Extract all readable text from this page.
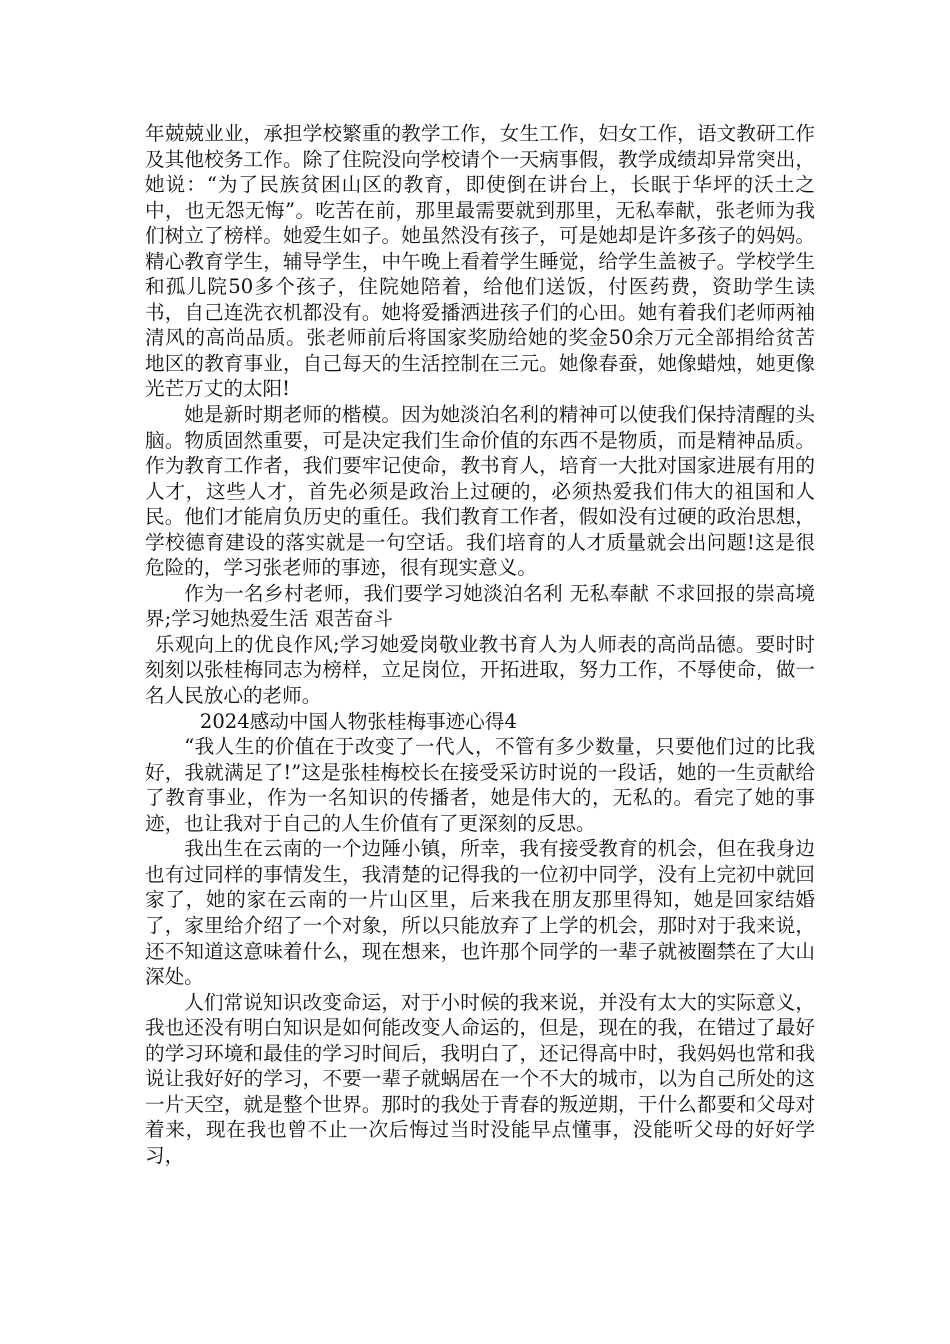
年兢兢业业，承担学校繁重的教学工作，女生工作，妇女工作，语文教研工作及其他校务工作。除了住院没向学校请个一天病事假，教学成绩却异常突出，她说：“为了民族贫困山区的教育，即使倒在讲台上，长眠于华坪的沃土之中，也无怨无悔”。吃苦在前，那里最需要就到那里，无私奉献，张老师为我们树立了榜样。她爱生如子。她虽然没有孩子，可是她却是许多孩子的妈妈。精心教育学生，辅导学生，中午晚上看着学生睡觉，给学生盖被子。学校学生和孤儿院50多个孩子，住院她陪着，给他们送饭，付医药费，资助学生读书，自己连洗衣机都没有。她将爱播洒进孩子们的心田。她有着我们老师两袖清风的高尚品质。张老师前后将国家奖励给她的奖金50余万元全部捐给贫苦地区的教育事业，自己每天的生活控制在三元。她像春蚕，她像蜡烛，她更像光芒万丈的太阳!

她是新时期老师的楷模。因为她淡泊名利的精神可以使我们保持清醒的头脑。物质固然重要，可是决定我们生命价值的东西不是物质，而是精神品质。作为教育工作者，我们要牢记使命，教书育人，培育一大批对国家进展有用的人才，这些人才，首先必须是政治上过硬的，必须热爱我们伟大的祖国和人民。他们才能肩负历史的重任。我们教育工作者，假如没有过硬的政治思想，学校德育建设的落实就是一句空话。我们培育的人才质量就会出问题!这是很危险的，学习张老师的事迹，很有现实意义。

作为一名乡村老师，我们要学习她淡泊名利 无私奉献 不求回报的崇高境界;学习她热爱生活 艰苦奋斗

乐观向上的优良作风;学习她爱岗敬业教书育人为人师表的高尚品德。要时时刻刻以张桂梅同志为榜样，立足岗位，开拓进取，努力工作，不辱使命，做一名人民放心的老师。

2024感动中国人物张桂梅事迹心得4

“我人生的价值在于改变了一代人，不管有多少数量，只要他们过的比我好，我就满足了!”这是张桂梅校长在接受采访时说的一段话，她的一生贡献给了教育事业，作为一名知识的传播者，她是伟大的，无私的。看完了她的事迹，也让我对于自己的人生价值有了更深刻的反思。

我出生在云南的一个边陲小镇，所幸，我有接受教育的机会，但在我身边也有过同样的事情发生，我清楚的记得我的一位初中同学，没有上完初中就回家了，她的家在云南的一片山区里，后来我在朋友那里得知，她是回家结婚了，家里给介绍了一个对象，所以只能放弃了上学的机会，那时对于我来说，还不知道这意味着什么，现在想来，也许那个同学的一辈子就被圈禁在了大山深处。

人们常说知识改变命运，对于小时候的我来说，并没有太大的实际意义，我也还没有明白知识是如何能改变人命运的，但是，现在的我，在错过了最好的学习环境和最佳的学习时间后，我明白了，还记得高中时，我妈妈也常和我说让我好好的学习，不要一辈子就蜗居在一个不大的城市，以为自己所处的这一片天空，就是整个世界。那时的我处于青春的叛逆期，干什么都要和父母对着来，现在我也曾不止一次后悔过当时没能早点懂事，没能听父母的好好学习，
